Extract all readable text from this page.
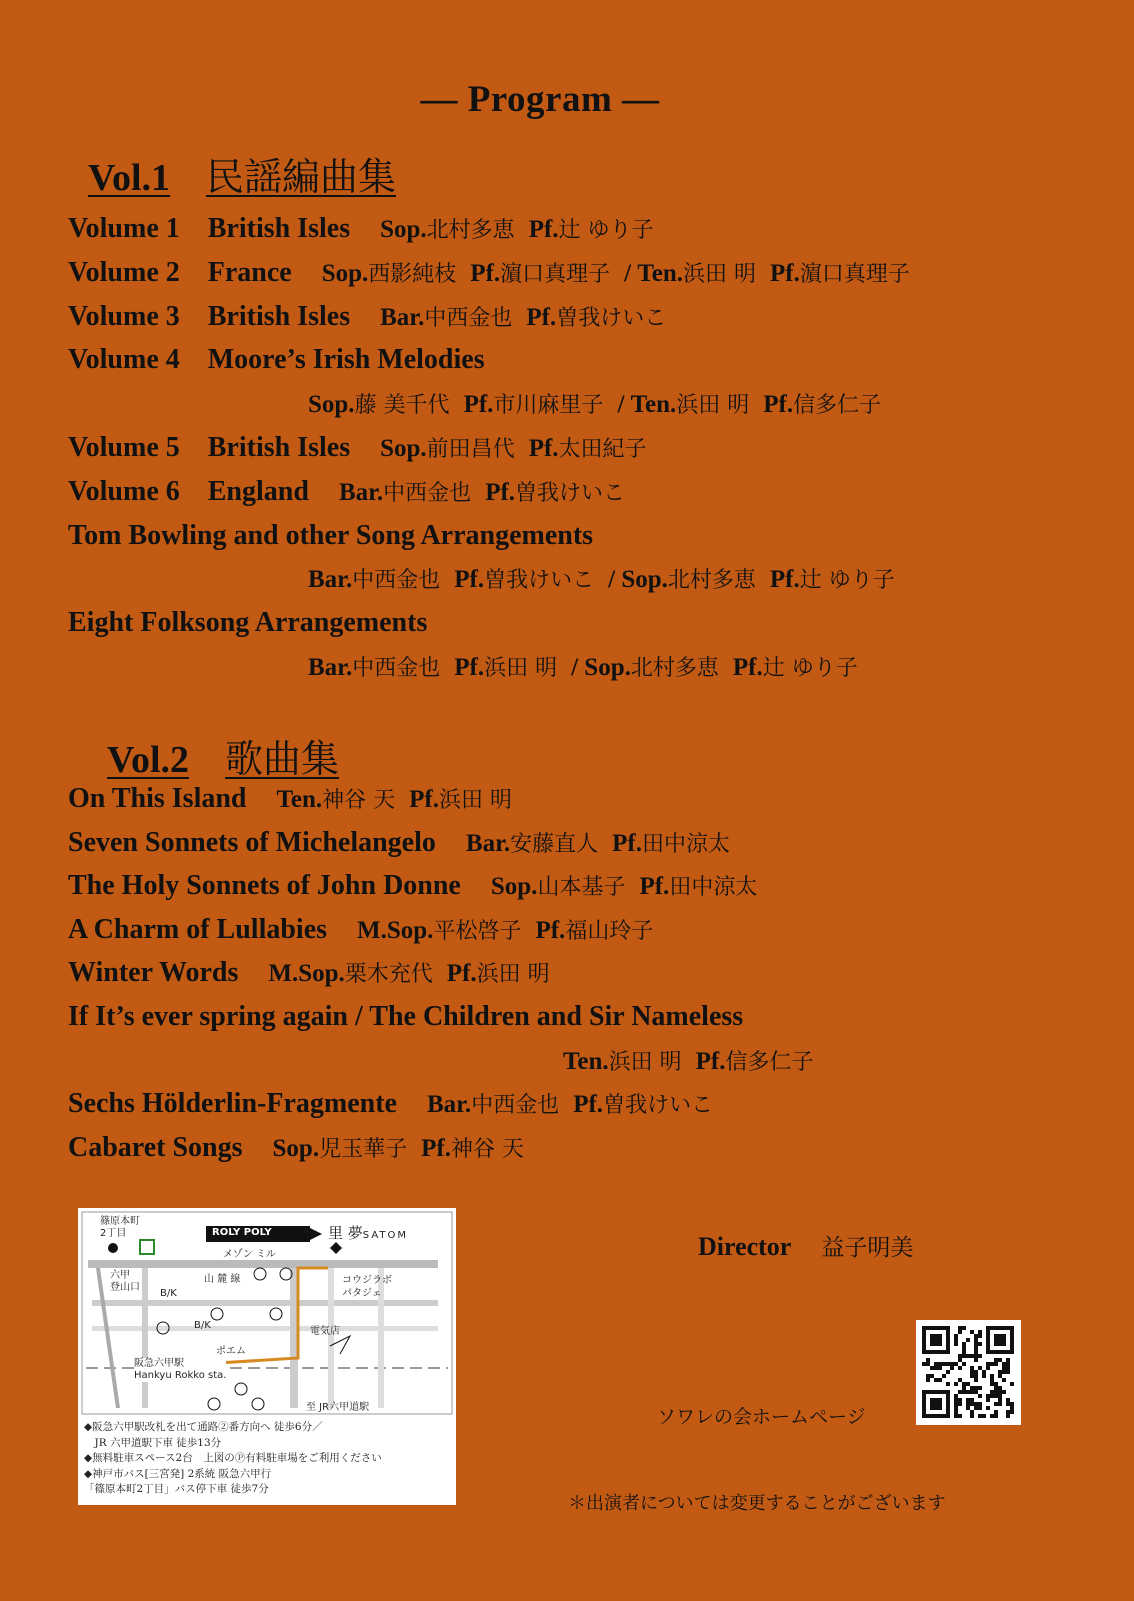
— Program —
Vol.1 民謡編曲集
Volume 1　British Isles Sop.北村多恵 Pf.辻 ゆり子
Volume 2　France Sop.西影純枝 Pf.濵口真理子 / Ten.浜田 明 Pf.濵口真理子
Volume 3　British Isles Bar.中西金也 Pf.曽我けいこ
Volume 4　Moore’s Irish Melodies
Sop.藤 美千代 Pf.市川麻里子 / Ten.浜田 明 Pf.信多仁子
Volume 5　British Isles Sop.前田昌代 Pf.太田紀子
Volume 6　England Bar.中西金也 Pf.曽我けいこ
Tom Bowling and other Song Arrangements
Bar.中西金也 Pf.曽我けいこ / Sop.北村多恵 Pf.辻 ゆり子
Eight Folksong Arrangements
Bar.中西金也 Pf.浜田 明 / Sop.北村多恵 Pf.辻 ゆり子
Vol.2 歌曲集
On This Island Ten.神谷 天 Pf.浜田 明
Seven Sonnets of Michelangelo Bar.安藤直人 Pf.田中涼太
The Holy Sonnets of John Donne Sop.山本基子 Pf.田中涼太
A Charm of Lullabies M.Sop.平松啓子 Pf.福山玲子
Winter Words M.Sop.栗木充代 Pf.浜田 明
If It’s ever spring again / The Children and Sir Nameless
Ten.浜田 明 Pf.信多仁子
Sechs Hölderlin-Fragmente Bar.中西金也 Pf.曽我けいこ
Cabaret Songs Sop.児玉華子 Pf.神谷 天
篠原本町
2丁目	ROLY POLY	里 夢SATOM
メゾン ミル
山 麓 線
六甲
登山口
B/K
B/K
コウジラボ
パタジェ
電気店
ポエム
阪急六甲駅
Hankyu Rokko sta.
至 JR六甲道駅
◆阪急六甲駅改札を出て通路②番方向へ 徒歩6分／
　JR 六甲道駅下車 徒歩13分
◆無料駐車スペース2台　上図のⓅ有料駐車場をご利用ください
◆神戸市バス[三宮発] 2系統 阪急六甲行
「篠原本町2丁目」バス停下車 徒歩7分
Director 益子明美
ソワレの会ホームページ
＊出演者については変更することがございます
